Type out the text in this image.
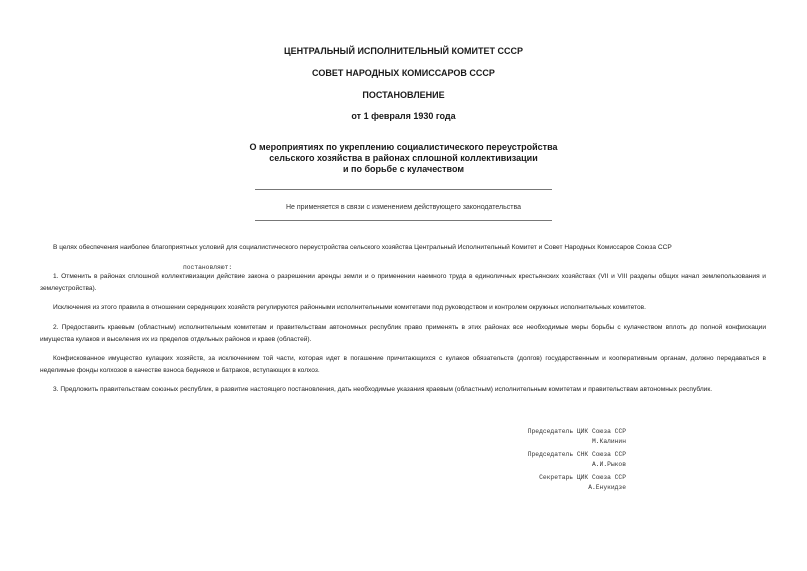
ЦЕНТРАЛЬНЫЙ ИСПОЛНИТЕЛЬНЫЙ КОМИТЕТ СССР
СОВЕТ НАРОДНЫХ КОМИССАРОВ СССР
ПОСТАНОВЛЕНИЕ
от 1 февраля 1930 года
О мероприятиях по укреплению социалистического переустройства
сельского хозяйства в районах сплошной коллективизации
и по борьбе с кулачеством
Не применяется в связи с изменением действующего законодательства
В целях обеспечения наиболее благоприятных условий для социалистического переустройства сельского хозяйства Центральный Исполнительный Комитет и Совет Народных Комиссаров Союза ССР
постановляют:
1. Отменить в районах сплошной коллективизации действие закона о разрешении аренды земли и о применении наемного труда в единоличных крестьянских хозяйствах (VII и VIII разделы общих начал землепользования и землеустройства).
Исключения из этого правила в отношении середняцких хозяйств регулируются районными исполнительными комитетами под руководством и контролем окружных исполнительных комитетов.
2. Предоставить краевым (областным) исполнительным комитетам и правительствам автономных республик право применять в этих районах все необходимые меры борьбы с кулачеством вплоть до полной конфискации имущества кулаков и выселения их из пределов отдельных районов и краев (областей).
Конфискованное имущество кулацких хозяйств, за исключением той части, которая идет в погашение причитающихся с кулаков обязательств (долгов) государственным и кооперативным органам, должно передаваться в неделимые фонды колхозов в качестве взноса бедняков и батраков, вступающих в колхоз.
3. Предложить правительствам союзных республик, в развитие настоящего постановления, дать необходимые указания краевым (областным) исполнительным комитетам и правительствам автономных республик.
Председатель ЦИК Союза ССР
М.Калинин
Председатель СНК Союза ССР
А.И.Рыков
Секретарь ЦИК Союза ССР
А.Енукидзе
